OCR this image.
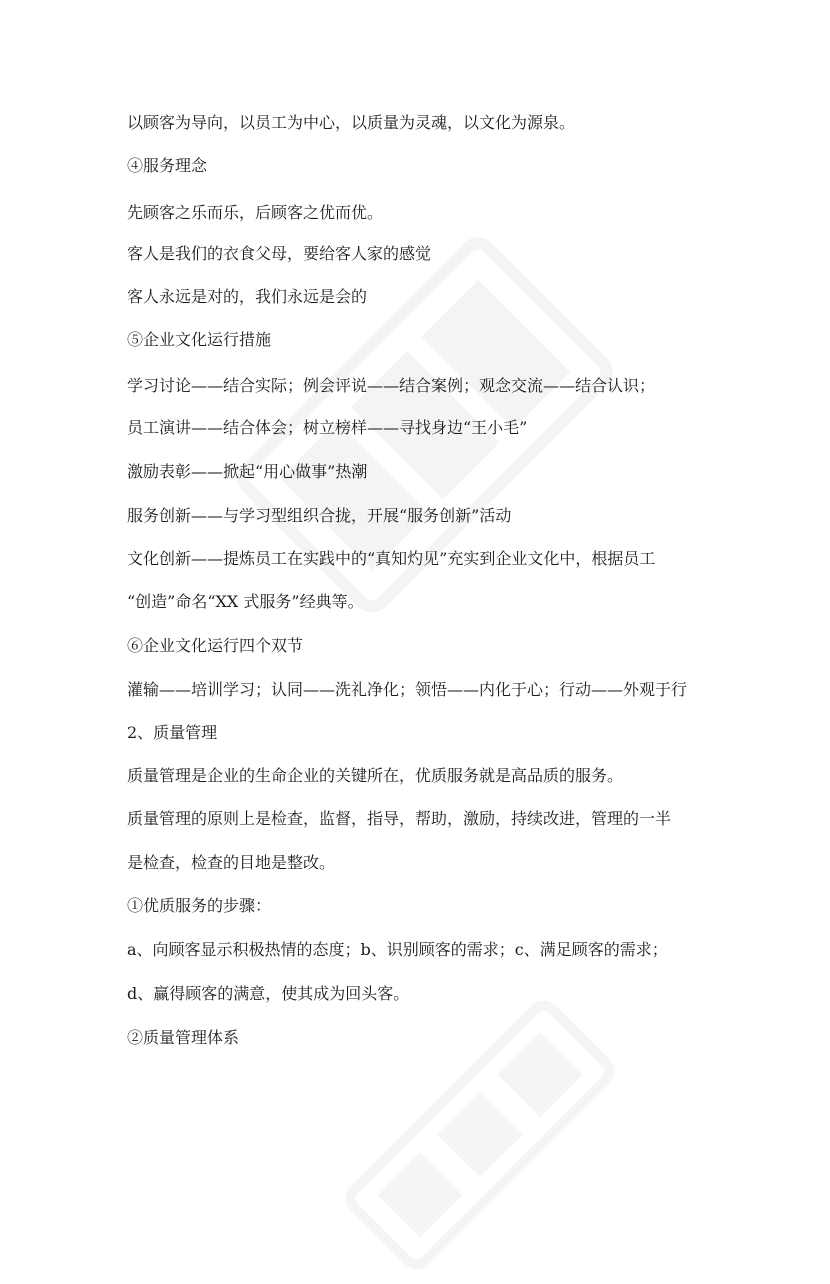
以顾客为导向，以员工为中心，以质量为灵魂，以文化为源泉。

④服务理念

先顾客之乐而乐，后顾客之优而优。

客人是我们的衣食父母，要给客人家的感觉

客人永远是对的，我们永远是会的

⑤企业文化运行措施

学习讨论——结合实际；例会评说——结合案例；观念交流——结合认识；

员工演讲——结合体会；树立榜样——寻找身边“王小毛”

激励表彰——掀起“用心做事”热潮

服务创新——与学习型组织合拢，开展“服务创新”活动

文化创新——提炼员工在实践中的“真知灼见”充实到企业文化中，根据员工

“创造”命名“XX 式服务”经典等。

⑥企业文化运行四个双节

灌输——培训学习；认同——洗礼净化；领悟——内化于心；行动——外观于行

2、质量管理

质量管理是企业的生命企业的关键所在，优质服务就是高品质的服务。

质量管理的原则上是检查，监督，指导，帮助，激励，持续改进，管理的一半

是检查，检查的目地是整改。

①优质服务的步骤：

a、向顾客显示积极热情的态度；b、识别顾客的需求；c、满足顾客的需求；

d、赢得顾客的满意，使其成为回头客。

②质量管理体系
